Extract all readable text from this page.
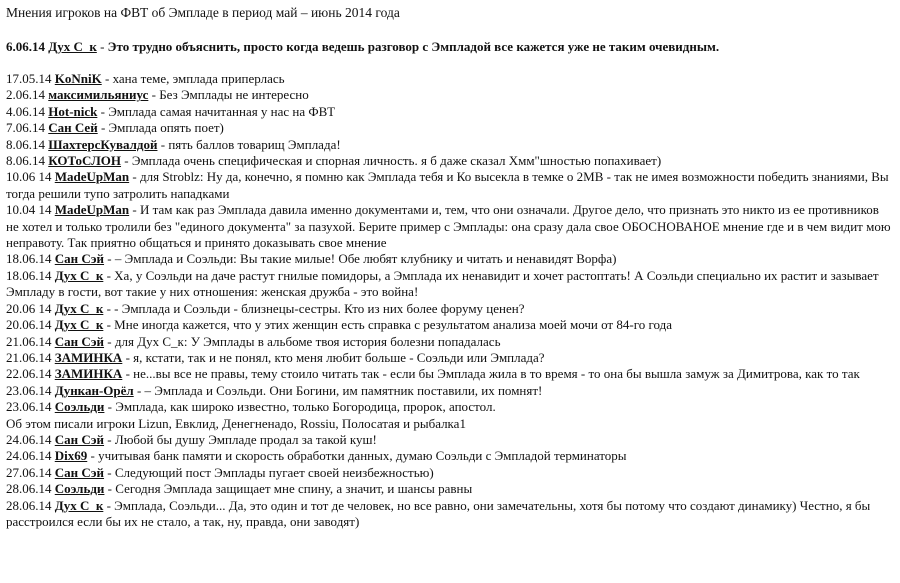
Мнения игроков на ФВТ об Эмпладе в период май – июнь 2014 года
6.06.14 Дух С_к - Это трудно объяснить, просто когда ведешь разговор с Эмпладой все кажется уже не таким очевидным.
17.05.14 KoNniK - хана теме, эмплада приперлась
2.06.14 максимильяниус - Без Эмплады не интересно
4.06.14 Hot-nick - Эмплада самая начитанная у нас на ФВТ
7.06.14 Сан Сей - Эмплада опять поет)
8.06.14 ШахтерсКувалдой - пять баллов товарищ Эмплада!
8.06.14 КОТоСЛОН - Эмплада очень специфическая и спорная личность. я б даже сказал Хмм"шностью попахивает)
10.06 14 MadeUpMan - для Stroblz: Ну да, конечно, я помню как Эмплада тебя и Ко высекла в темке о 2MB - так не имея возможности победить знаниями, Вы тогда решили тупо затролить нападками
10.04 14 MadeUpMan - И там как раз Эмплада давила именно документами и, тем, что они означали. Другое дело, что признать это никто из ее противников не хотел и только тролили без "единого документа" за пазухой. Берите пример с Эмплады: она сразу дала свое ОБОСНОВАНОЕ мнение где и в чем видит мою неправоту. Так приятно общаться и принято доказывать свое мнение
18.06.14 Сан Сэй - – Эмплада и Соэльди: Вы такие милые! Обе любят клубнику и читать и ненавидят Ворфа)
18.06.14 Дух С_к - Ха, у Соэльди на даче растут гнилые помидоры, а Эмплада их ненавидит и хочет растоптать! А Соэльди специально их растит и зазывает Эмпладу в гости, вот такие у них отношения: женская дружба - это война!
20.06 14 Дух С_к - - Эмплада и Соэльди - близнецы-сестры. Кто из них более форуму ценен?
20.06.14 Дух С_к - Мне иногда кажется, что у этих женщин есть справка с результатом анализа моей мочи от 84-го года
21.06.14 Сан Сэй - для Дух С_к: У Эмплады в альбоме твоя история болезни попадалась
21.06.14 ЗАМИНКА - я, кстати, так и не понял, кто меня любит больше - Соэльди или Эмплада?
22.06.14 ЗАМИНКА - не...вы все не правы, тему стоило читать так - если бы Эмплада жила в то время - то она бы вышла замуж за Димитрова, как то так
23.06.14 Дункан-Орёл - – Эмплада и Соэльди. Они Богини, им памятник поставили, их помнят!
23.06.14 Соэльди - Эмплада, как широко известно, только Богородица, пророк, апостол.
Об этом писали игроки Lizun, Евклид, Денегненадо, Rossiu, Полосатая и рыбалка1
24.06.14 Сан Сэй - Любой бы душу Эмпладе продал за такой куш!
24.06.14 Dix69 - учитывая банк памяти и скорость обработки данных, думаю Соэльди с Эмпладой терминаторы
27.06.14 Сан Сэй - Следующий пост Эмплады пугает своей неизбежностью)
28.06.14 Соэльди - Сегодня Эмплада защищает мне спину, а значит, и шансы равны
28.06.14 Дух С_к - Эмплада, Соэльди... Да, это один и тот де человек, но все равно, они замечательны, хотя бы потому что создают динамику) Честно, я бы расстроился если бы их не стало, а так, ну, правда, они заводят)
